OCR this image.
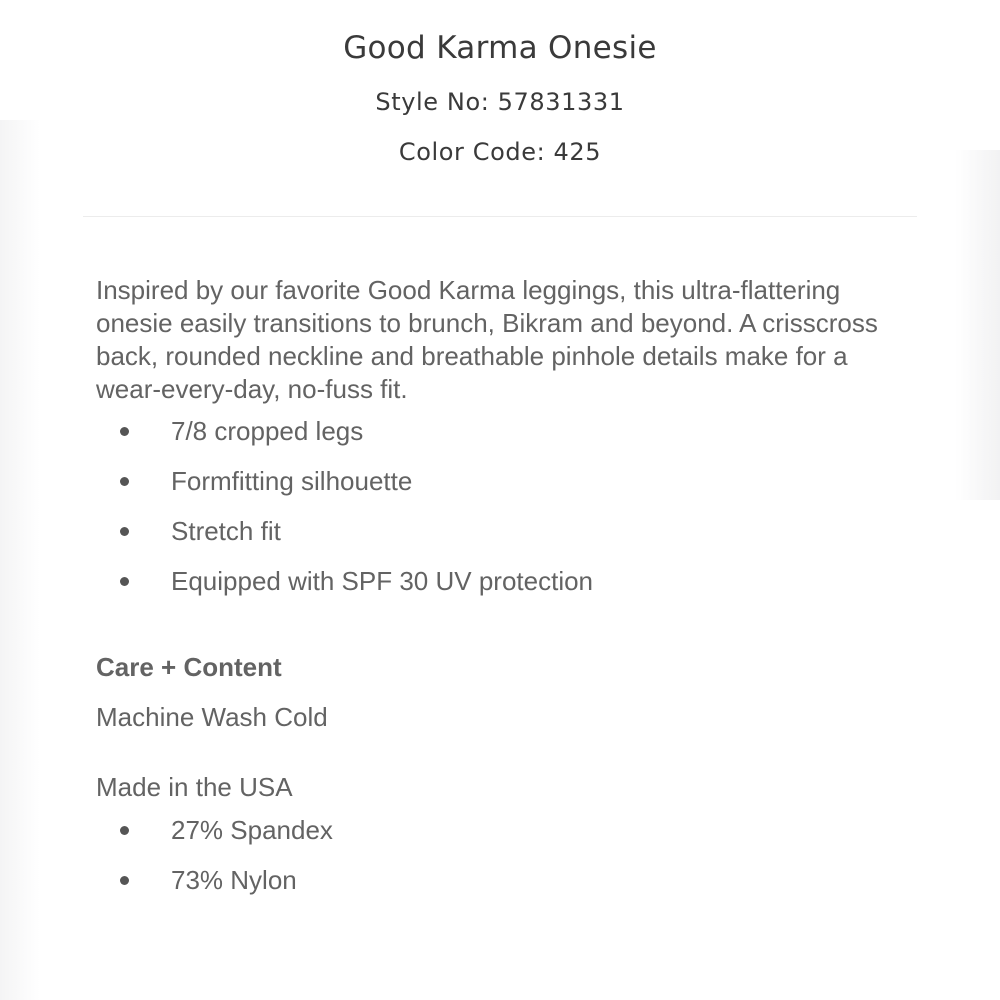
Good Karma Onesie
Style No: 57831331
Color Code: 425

Inspired by our favorite Good Karma leggings, this ultra-flattering onesie easily transitions to brunch, Bikram and beyond. A crisscross back, rounded neckline and breathable pinhole details make for a wear-every-day, no-fuss fit.

7/8 cropped legs
Formfitting silhouette
Stretch fit
Equipped with SPF 30 UV protection
Care + Content

Machine Wash Cold

Made in the USA

27% Spandex
73% Nylon
